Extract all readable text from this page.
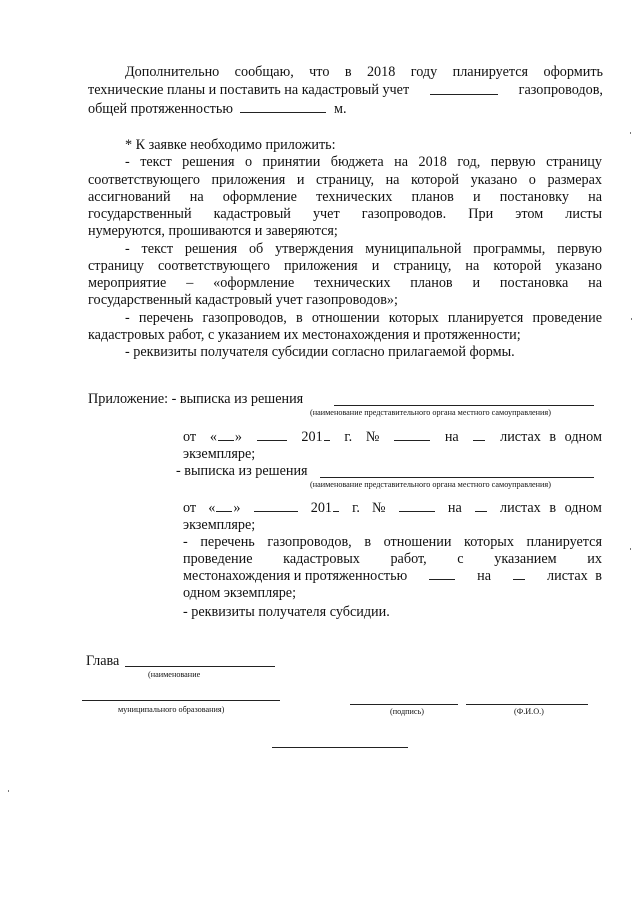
Дополнительно сообщаю, что в 2018 году планируется оформить

технические планы и поставить на кадастровый учет	газопроводов,

общей протяженностью	м.

* К заявке необходимо приложить:

- текст решения о принятии бюджета на 2018 год, первую страницу

соответствующего приложения и страницу, на которой указано о размерах

ассигнований на оформление технических планов и постановку на

государственный кадастровый учет газопроводов. При этом листы

нумеруются, прошиваются и заверяются;

- текст решения об утверждения муниципальной программы, первую

страницу соответствующего приложения и страницу, на которой указано

мероприятие – «оформление технических планов и постановка на

государственный кадастровый учет газопроводов»;

- перечень газопроводов, в отношении которых планируется проведение

кадастровых работ, с указанием их местонахождения и протяженности;

- реквизиты получателя субсидии согласно прилагаемой формы.

Приложение: - выписка из решения

(наименование представительного органа местного самоуправления)

от « »	201	г. №	на	листах в одном

экземпляре;

- выписка из решения

(наименование представительного органа местного самоуправления)

от « »	201	г. №	на	листах в одном

экземпляре;

- перечень газопроводов, в отношении которых планируется

проведение кадастровых работ, с указанием их

местонахождения и протяженностью	на	листах в

одном экземпляре;

- реквизиты получателя субсидии.

Глава

(наименование

муниципального образования)	(подпись)	(Ф.И.О.)
